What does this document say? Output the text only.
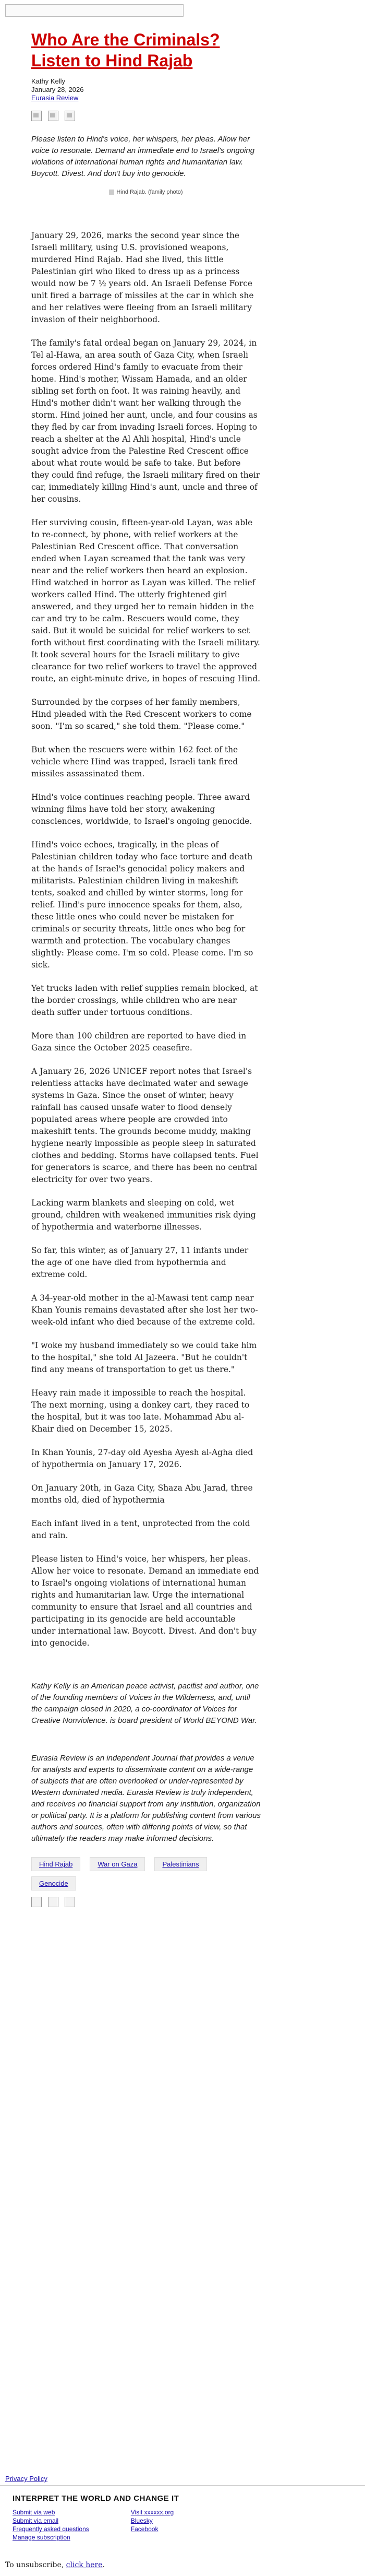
Who Are the Criminals? Listen to Hind Rajab
Kathy Kelly
January 28, 2026
Eurasia Review

Please listen to Hind's voice, her whispers, her pleas. Allow her voice to resonate. Demand an immediate end to Israel's ongoing violations of international human rights and humanitarian law. Boycott. Divest. And don't buy into genocide.

Hind Rajab. (family photo)

January 29, 2026, marks the second year since the Israeli military, using U.S. provisioned weapons, murdered Hind Rajab. Had she lived, this little Palestinian girl who liked to dress up as a princess would now be 7 ½ years old. An Israeli Defense Force unit fired a barrage of missiles at the car in which she and her relatives were fleeing from an Israeli military invasion of their neighborhood.

The family's fatal ordeal began on January 29, 2024, in Tel al-Hawa, an area south of Gaza City, when Israeli forces ordered Hind's family to evacuate from their home. Hind's mother, Wissam Hamada, and an older sibling set forth on foot. It was raining heavily, and Hind's mother didn't want her walking through the storm. Hind joined her aunt, uncle, and four cousins as they fled by car from invading Israeli forces. Hoping to reach a shelter at the Al Ahli hospital, Hind's uncle sought advice from the Palestine Red Crescent office about what route would be safe to take. But before they could find refuge, the Israeli military fired on their car, immediately killing Hind's aunt, uncle and three of her cousins.

Her surviving cousin, fifteen-year-old Layan, was able to re-connect, by phone, with relief workers at the Palestinian Red Crescent office. That conversation ended when Layan screamed that the tank was very near and the relief workers then heard an explosion. Hind watched in horror as Layan was killed. The relief workers called Hind. The utterly frightened girl answered, and they urged her to remain hidden in the car and try to be calm. Rescuers would come, they said. But it would be suicidal for relief workers to set forth without first coordinating with the Israeli military. It took several hours for the Israeli military to give clearance for two relief workers to travel the approved route, an eight-minute drive, in hopes of rescuing Hind.

Surrounded by the corpses of her family members, Hind pleaded with the Red Crescent workers to come soon. "I'm so scared," she told them. "Please come."

But when the rescuers were within 162 feet of the vehicle where Hind was trapped, Israeli tank fired missiles assassinated them.

Hind's voice continues reaching people. Three award winning films have told her story, awakening consciences, worldwide, to Israel's ongoing genocide.

Hind's voice echoes, tragically, in the pleas of Palestinian children today who face torture and death at the hands of Israel's genocidal policy makers and militarists. Palestinian children living in makeshift tents, soaked and chilled by winter storms, long for relief. Hind's pure innocence speaks for them, also, these little ones who could never be mistaken for criminals or security threats, little ones who beg for warmth and protection. The vocabulary changes slightly: Please come. I'm so cold. Please come. I'm so sick.

Yet trucks laden with relief supplies remain blocked, at the border crossings, while children who are near death suffer under tortuous conditions.

More than 100 children are reported to have died in Gaza since the October 2025 ceasefire.

A January 26, 2026 UNICEF report notes that Israel's relentless attacks have decimated water and sewage systems in Gaza. Since the onset of winter, heavy rainfall has caused unsafe water to flood densely populated areas where people are crowded into makeshift tents. The grounds become muddy, making hygiene nearly impossible as people sleep in saturated clothes and bedding. Storms have collapsed tents. Fuel for generators is scarce, and there has been no central electricity for over two years.

Lacking warm blankets and sleeping on cold, wet ground, children with weakened immunities risk dying of hypothermia and waterborne illnesses.

So far, this winter, as of January 27, 11 infants under the age of one have died from hypothermia and extreme cold.

A 34-year-old mother in the al-Mawasi tent camp near Khan Younis remains devastated after she lost her two-week-old infant who died because of the extreme cold.

"I woke my husband immediately so we could take him to the hospital," she told Al Jazeera. "But he couldn't find any means of transportation to get us there."

Heavy rain made it impossible to reach the hospital. The next morning, using a donkey cart, they raced to the hospital, but it was too late. Mohammad Abu al-Khair died on December 15, 2025.

In Khan Younis, 27-day old Ayesha Ayesh al-Agha died of hypothermia on January 17, 2026.

On January 20th, in Gaza City, Shaza Abu Jarad, three months old, died of hypothermia

Each infant lived in a tent, unprotected from the cold and rain.

Please listen to Hind's voice, her whispers, her pleas. Allow her voice to resonate. Demand an immediate end to Israel's ongoing violations of international human rights and humanitarian law. Urge the international community to ensure that Israel and all countries and participating in its genocide are held accountable under international law. Boycott. Divest. And don't buy into genocide.

Kathy Kelly is an American peace activist, pacifist and author, one of the founding members of Voices in the Wilderness, and, until the campaign closed in 2020, a co-coordinator of Voices for Creative Nonviolence. is board president of World BEYOND War.

Eurasia Review is an independent Journal that provides a venue for analysts and experts to disseminate content on a wide-range of subjects that are often overlooked or under-represented by Western dominated media. Eurasia Review is truly independent, and receives no financial support from any institution, organization or political party. It is a platform for publishing content from various authors and sources, often with differing points of view, so that ultimately the readers may make informed decisions.

Hind Rajab	War on Gaza	Palestinians
Genocide
Privacy Policy
INTERPRET THE WORLD AND CHANGE IT
Submit via web
Submit via email
Frequently asked questions
Manage subscription
Visit xxxxxx.org
Bluesky
Facebook
To unsubscribe, click here.
